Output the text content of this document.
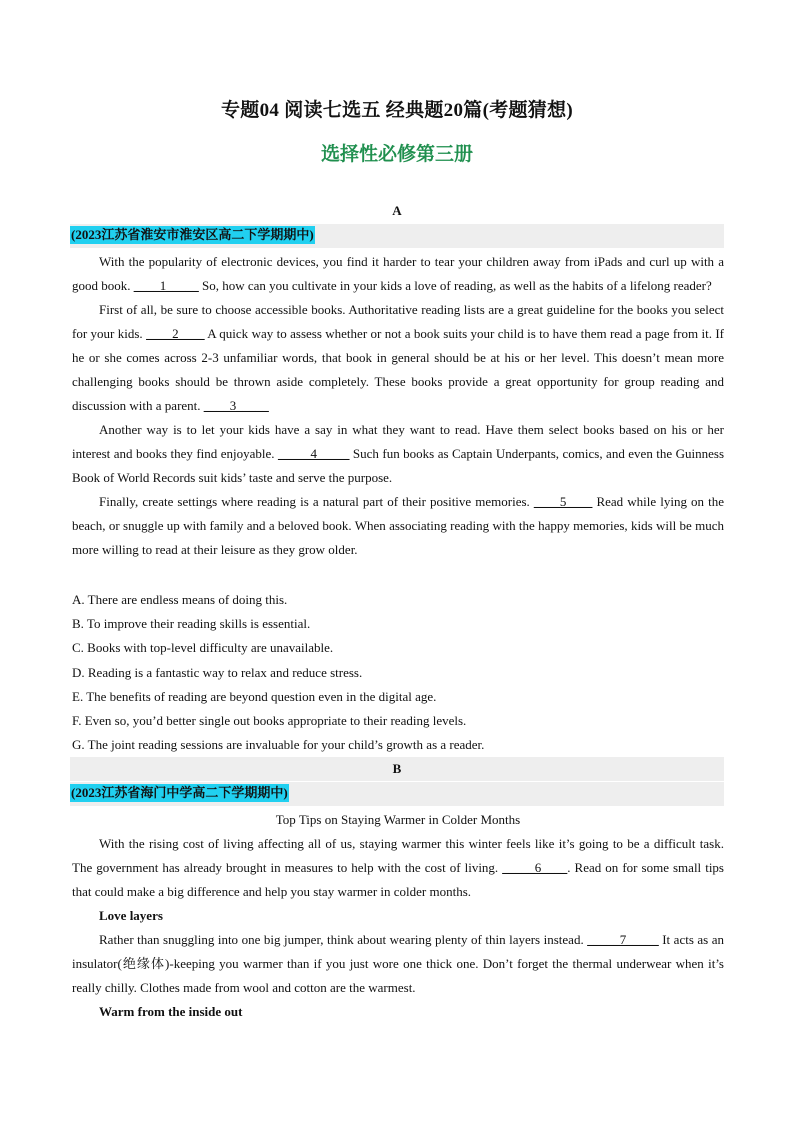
专题04 阅读七选五 经典题20篇(考题猜想)
选择性必修第三册
A
(2023江苏省淮安市淮安区高二下学期期中)

With the popularity of electronic devices, you find it harder to tear your children away from iPads and curl up with a good book. ____1_____ So, how can you cultivate in your kids a love of reading, as well as the habits of a lifelong reader?

First of all, be sure to choose accessible books. Authoritative reading lists are a great guideline for the books you select for your kids. ____2____ A quick way to assess whether or not a book suits your child is to have them read a page from it. If he or she comes across 2-3 unfamiliar words, that book in general should be at his or her level. This doesn’t mean more challenging books should be thrown aside completely. These books provide a great opportunity for group reading and discussion with a parent. ____3_____

Another way is to let your kids have a say in what they want to read. Have them select books based on his or her interest and books they find enjoyable. _____4_____ Such fun books as Captain Underpants, comics, and even the Guinness Book of World Records suit kids’ taste and serve the purpose.

Finally, create settings where reading is a natural part of their positive memories. ____5____ Read while lying on the beach, or snuggle up with family and a beloved book. When associating reading with the happy memories, kids will be much more willing to read at their leisure as they grow older.

A. There are endless means of doing this.
B. To improve their reading skills is essential.
C. Books with top-level difficulty are unavailable.
D. Reading is a fantastic way to relax and reduce stress.
E. The benefits of reading are beyond question even in the digital age.
F. Even so, you’d better single out books appropriate to their reading levels.
G. The joint reading sessions are invaluable for your child’s growth as a reader.
B
(2023江苏省海门中学高二下学期期中)

Top Tips on Staying Warmer in Colder Months

With the rising cost of living affecting all of us, staying warmer this winter feels like it’s going to be a difficult task. The government has already brought in measures to help with the cost of living. _____6____. Read on for some small tips that could make a big difference and help you stay warmer in colder months.

Love layers

Rather than snuggling into one big jumper, think about wearing plenty of thin layers instead. _____7_____ It acts as an insulator(绝缘体)-keeping you warmer than if you just wore one thick one. Don’t forget the thermal underwear when it’s really chilly. Clothes made from wool and cotton are the warmest.

Warm from the inside out
